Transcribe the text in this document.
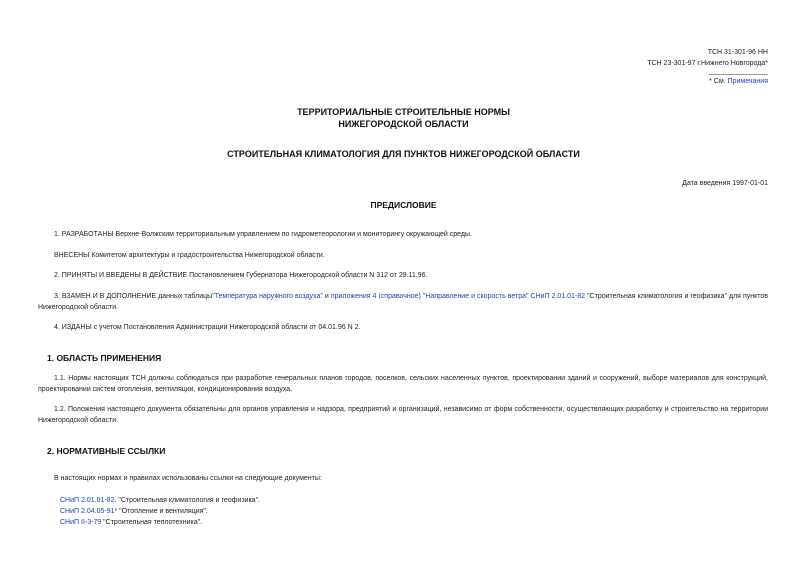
ТСН 31-301-96 НН
ТСН 23-301-97 г.Нижнего Новгорода*
* См. Примечания
ТЕРРИТОРИАЛЬНЫЕ СТРОИТЕЛЬНЫЕ НОРМЫ
НИЖЕГОРОДСКОЙ ОБЛАСТИ
СТРОИТЕЛЬНАЯ КЛИМАТОЛОГИЯ ДЛЯ ПУНКТОВ НИЖЕГОРОДСКОЙ ОБЛАСТИ
Дата введения 1997-01-01
ПРЕДИСЛОВИЕ
1. РАЗРАБОТАНЫ Верхне-Волжским территориальным управлением по гидрометеорологии и мониторингу окружающей среды.
ВНЕСЕНЫ Комитетом архитектуры и градостроительства Нижегородской области.
2. ПРИНЯТЫ И ВВЕДЕНЫ В ДЕЙСТВИЕ Постановлением Губернатора Нижегородской области N 312 от 29.11.96.
3. ВЗАМЕН И В ДОПОЛНЕНИЕ данных таблицы"Температура наружного воздуха" и приложения 4 (справочное) "Направление и скорость ветра" СНиП 2.01.01-82 "Строительная климатология и геофизика" для пунктов Нижегородской области.
4. ИЗДАНЫ с учетом Постановления Администрации Нижегородской области от 04.01.96 N 2.
1. ОБЛАСТЬ ПРИМЕНЕНИЯ
1.1. Нормы настоящих ТСН должны соблюдаться при разработке генеральных планов городов, поселков, сельских населенных пунктов, проектировании зданий и сооружений, выборе материалов для конструкций, проектировании систем отопления, вентиляции, кондиционирования воздуха.
1.2. Положения настоящего документа обязательны для органов управления и надзора, предприятий и организаций, независимо от форм собственности, осуществляющих разработку и строительство на территории Нижегородской области.
2. НОРМАТИВНЫЕ ССЫЛКИ
В настоящих нормах и правилах использованы ссылки на следующие документы:
СНиП 2.01.01-82. "Строительная климатология и геофизика".
СНиП 2.04.05-91* "Отопление и вентиляция".
СНиП II-3-79 "Строительная теплотехника".
